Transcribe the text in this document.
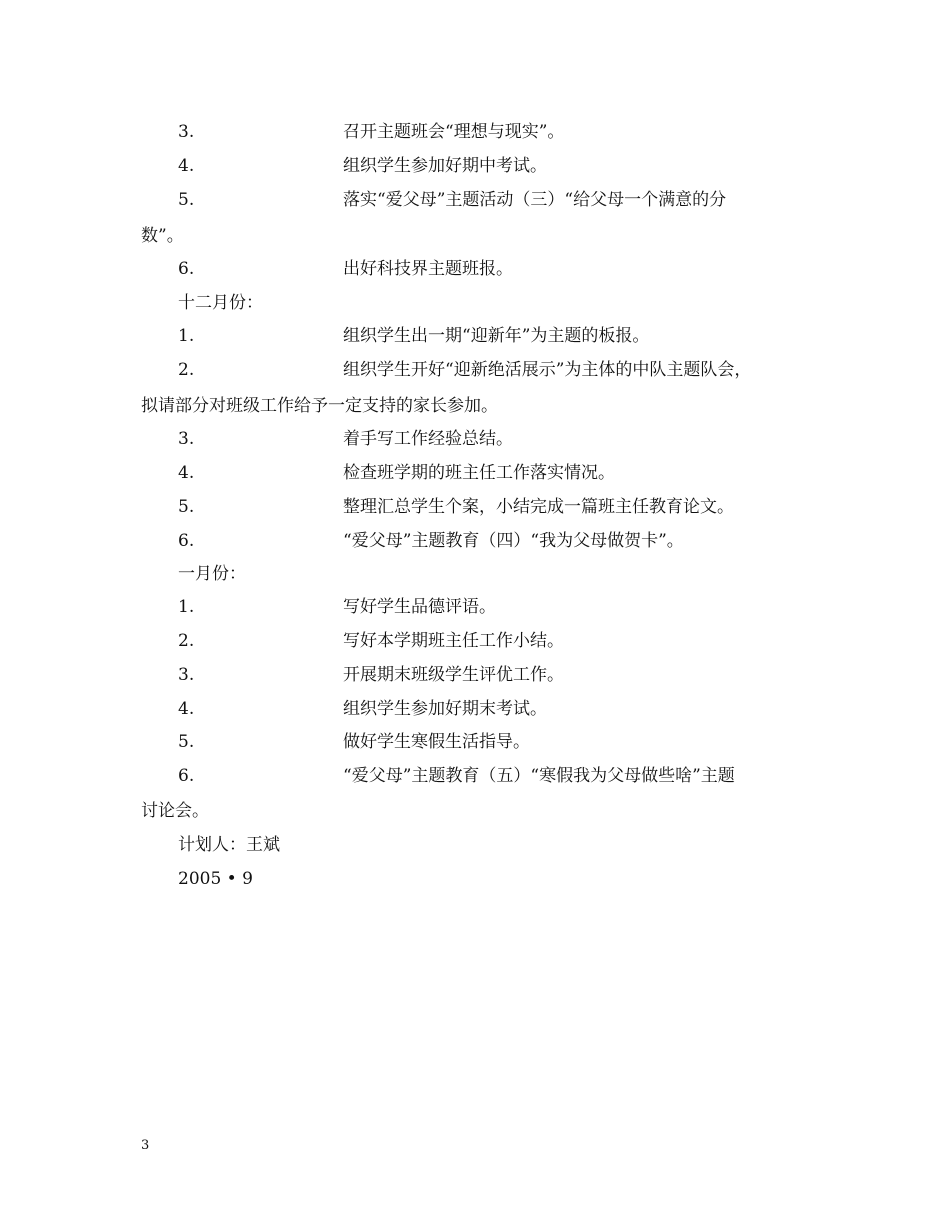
3.	召开主题班会“理想与现实”。
4.	组织学生参加好期中考试。
5.	落实“爱父母”主题活动（三）“给父母一个满意的分
数”。
6.	出好科技界主题班报。
十二月份：
1.	组织学生出一期“迎新年”为主题的板报。
2.	组织学生开好“迎新绝活展示”为主体的中队主题队会，
拟请部分对班级工作给予一定支持的家长参加。
3.	着手写工作经验总结。
4.	检查班学期的班主任工作落实情况。
5.	整理汇总学生个案，小结完成一篇班主任教育论文。
6.	“爱父母”主题教育（四）“我为父母做贺卡”。
一月份：
1.	写好学生品德评语。
2.	写好本学期班主任工作小结。
3.	开展期末班级学生评优工作。
4.	组织学生参加好期末考试。
5.	做好学生寒假生活指导。
6.	“爱父母”主题教育（五）“寒假我为父母做些啥”主题
讨论会。
计划人：王斌
2005 • 9
3
